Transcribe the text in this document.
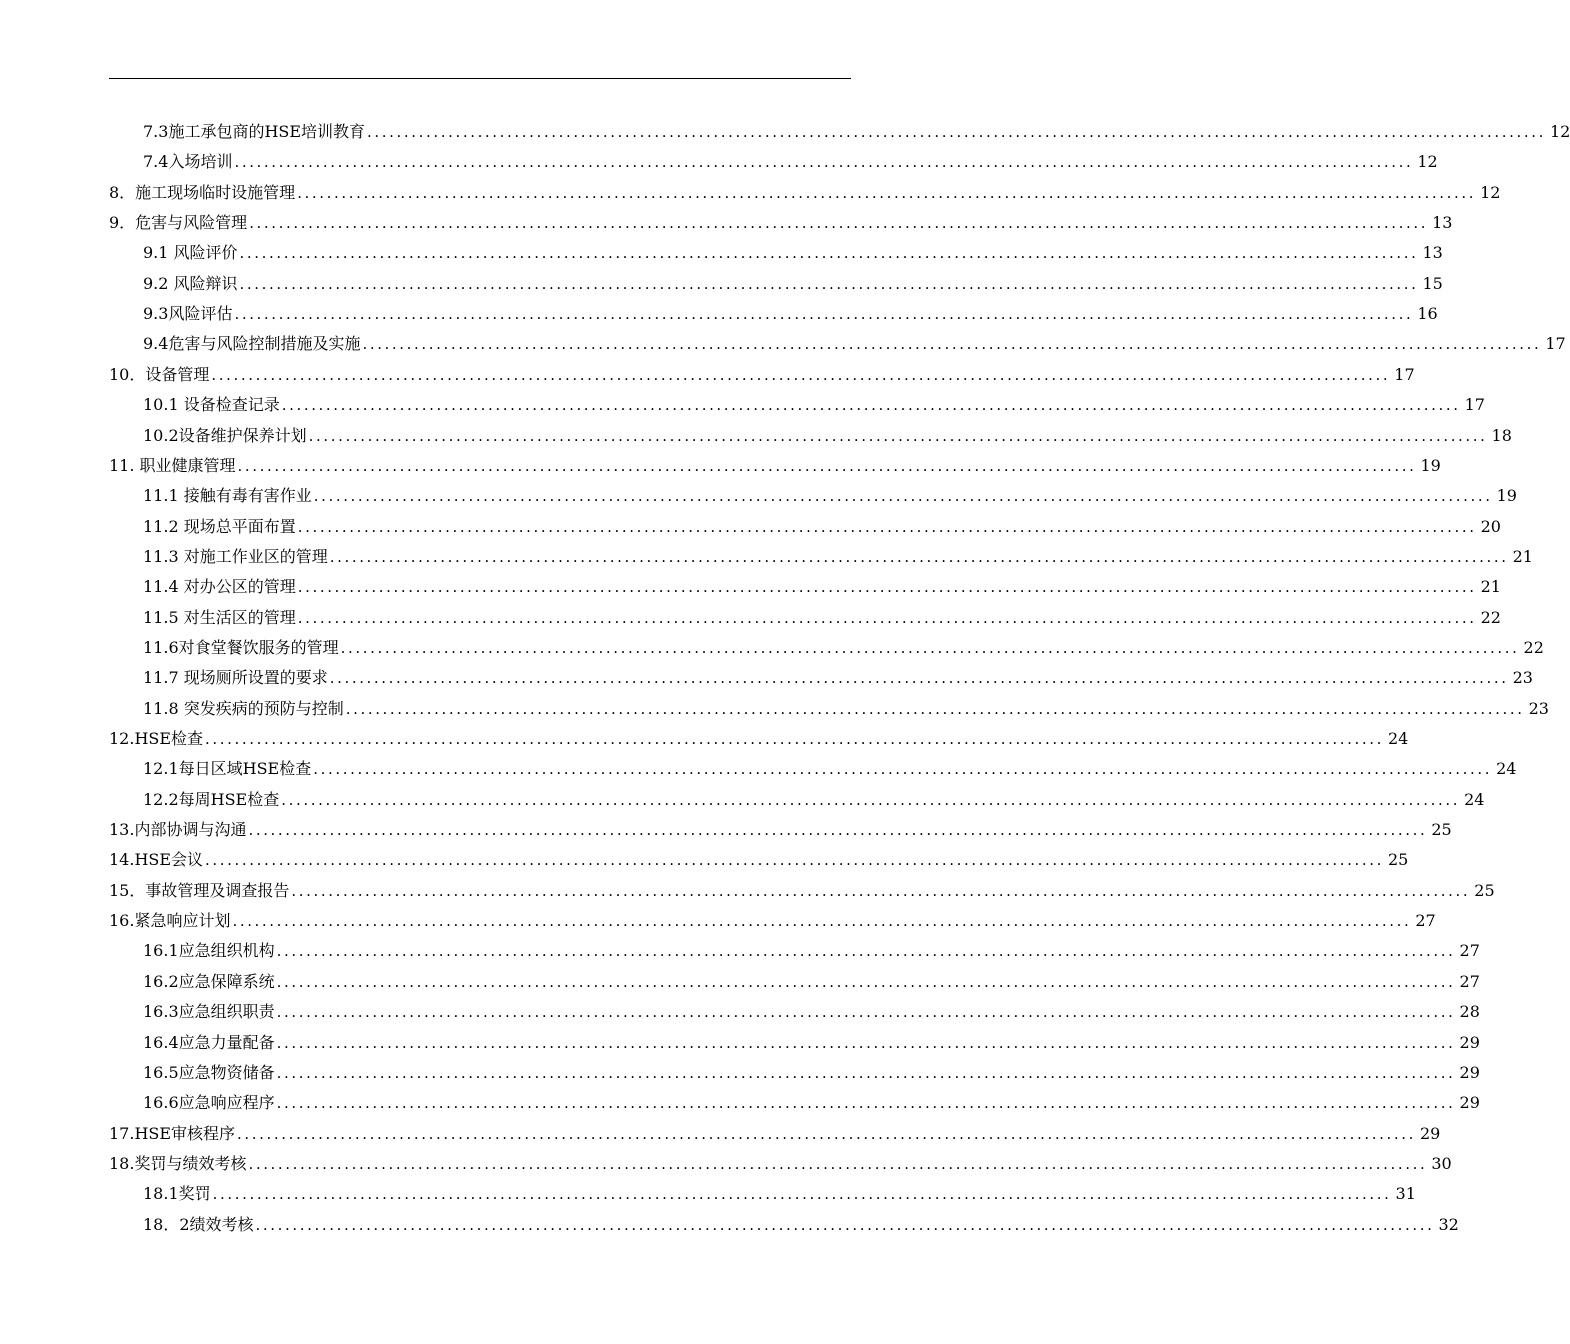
7.3施工承包商的HSE培训教育 ................................................................................................................................................................ 12
7.4入场培训 ................................................................................................................................................................ 12
8．施工现场临时设施管理 ................................................................................................................................................................ 12
9．危害与风险管理 ................................................................................................................................................................ 13
9.1 风险评价 ................................................................................................................................................................ 13
9.2 风险辩识 ................................................................................................................................................................ 15
9.3风险评估 ................................................................................................................................................................ 16
9.4危害与风险控制措施及实施 ................................................................................................................................................................ 17
10．设备管理 ................................................................................................................................................................ 17
10.1 设备检查记录 ................................................................................................................................................................ 17
10.2设备维护保养计划 ................................................................................................................................................................ 18
11. 职业健康管理 ................................................................................................................................................................ 19
11.1 接触有毒有害作业 ................................................................................................................................................................ 19
11.2 现场总平面布置 ................................................................................................................................................................ 20
11.3 对施工作业区的管理 ................................................................................................................................................................ 21
11.4 对办公区的管理 ................................................................................................................................................................ 21
11.5 对生活区的管理 ................................................................................................................................................................ 22
11.6对食堂餐饮服务的管理 ................................................................................................................................................................ 22
11.7 现场厕所设置的要求 ................................................................................................................................................................ 23
11.8 突发疾病的预防与控制 ................................................................................................................................................................ 23
12.HSE检查 ................................................................................................................................................................ 24
12.1每日区域HSE检查 ................................................................................................................................................................ 24
12.2每周HSE检查 ................................................................................................................................................................ 24
13.内部协调与沟通 ................................................................................................................................................................ 25
14.HSE会议 ................................................................................................................................................................ 25
15．事故管理及调查报告 ................................................................................................................................................................ 25
16.紧急响应计划 ................................................................................................................................................................ 27
16.1应急组织机构 ................................................................................................................................................................ 27
16.2应急保障系统 ................................................................................................................................................................ 27
16.3应急组织职责 ................................................................................................................................................................ 28
16.4应急力量配备 ................................................................................................................................................................ 29
16.5应急物资储备 ................................................................................................................................................................ 29
16.6应急响应程序 ................................................................................................................................................................ 29
17.HSE审核程序 ................................................................................................................................................................ 29
18.奖罚与绩效考核 ................................................................................................................................................................ 30
18.1奖罚 ................................................................................................................................................................ 31
18．2绩效考核 ................................................................................................................................................................ 32
